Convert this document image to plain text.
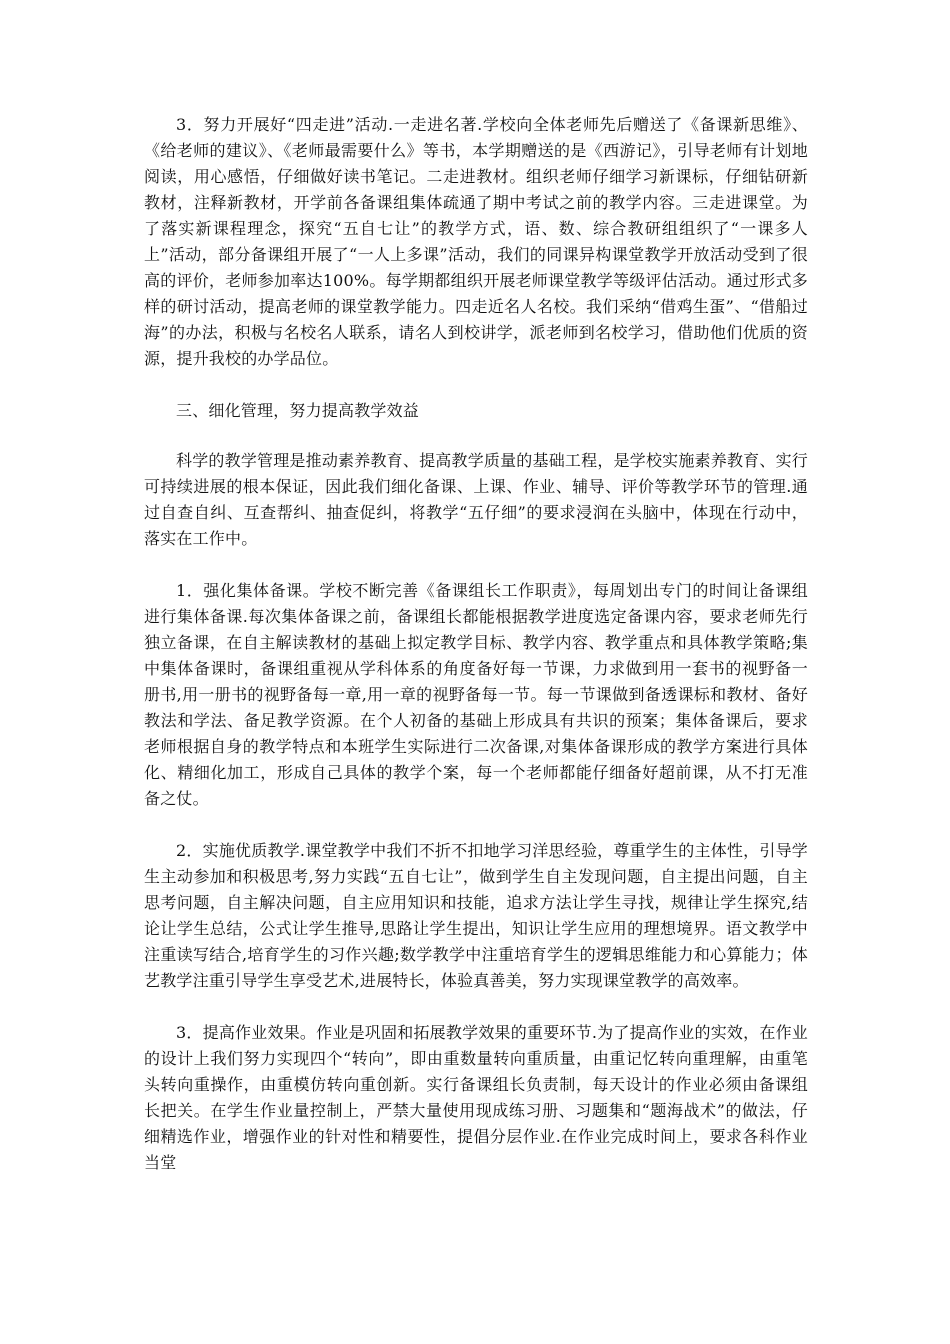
3．努力开展好“四走进”活动.一走进名著.学校向全体老师先后赠送了《备课新思维》、《给老师的建议》、《老师最需要什么》等书，本学期赠送的是《西游记》，引导老师有计划地阅读，用心感悟，仔细做好读书笔记。二走进教材。组织老师仔细学习新课标，仔细钻研新教材，注释新教材，开学前各备课组集体疏通了期中考试之前的教学内容。三走进课堂。为了落实新课程理念，探究“五自七让”的教学方式，语、数、综合教研组组织了“一课多人上”活动，部分备课组开展了“一人上多课”活动，我们的同课异构课堂教学开放活动受到了很高的评价，老师参加率达100%。每学期都组织开展老师课堂教学等级评估活动。通过形式多样的研讨活动，提高老师的课堂教学能力。四走近名人名校。我们采纳“借鸡生蛋”、“借船过海”的办法，积极与名校名人联系，请名人到校讲学，派老师到名校学习，借助他们优质的资源，提升我校的办学品位。

三、细化管理，努力提高教学效益

科学的教学管理是推动素养教育、提高教学质量的基础工程，是学校实施素养教育、实行可持续进展的根本保证，因此我们细化备课、上课、作业、辅导、评价等教学环节的管理.通过自查自纠、互查帮纠、抽查促纠，将教学“五仔细”的要求浸润在头脑中，体现在行动中，落实在工作中。

1．强化集体备课。学校不断完善《备课组长工作职责》，每周划出专门的时间让备课组进行集体备课.每次集体备课之前，备课组长都能根据教学进度选定备课内容，要求老师先行独立备课，在自主解读教材的基础上拟定教学目标、教学内容、教学重点和具体教学策略;集中集体备课时，备课组重视从学科体系的角度备好每一节课，力求做到用一套书的视野备一册书,用一册书的视野备每一章,用一章的视野备每一节。每一节课做到备透课标和教材、备好教法和学法、备足教学资源。在个人初备的基础上形成具有共识的预案；集体备课后，要求老师根据自身的教学特点和本班学生实际进行二次备课,对集体备课形成的教学方案进行具体化、精细化加工，形成自己具体的教学个案，每一个老师都能仔细备好超前课，从不打无准备之仗。

2．实施优质教学.课堂教学中我们不折不扣地学习洋思经验，尊重学生的主体性，引导学生主动参加和积极思考,努力实践“五自七让”，做到学生自主发现问题，自主提出问题，自主思考问题，自主解决问题，自主应用知识和技能，追求方法让学生寻找，规律让学生探究,结论让学生总结，公式让学生推导,思路让学生提出，知识让学生应用的理想境界。语文教学中注重读写结合,培育学生的习作兴趣;数学教学中注重培育学生的逻辑思维能力和心算能力；体艺教学注重引导学生享受艺术,进展特长，体验真善美，努力实现课堂教学的高效率。

3．提高作业效果。作业是巩固和拓展教学效果的重要环节.为了提高作业的实效，在作业的设计上我们努力实现四个“转向”，即由重数量转向重质量，由重记忆转向重理解，由重笔头转向重操作，由重模仿转向重创新。实行备课组长负责制，每天设计的作业必须由备课组长把关。在学生作业量控制上，严禁大量使用现成练习册、习题集和“题海战术”的做法，仔细精选作业，增强作业的针对性和精要性，提倡分层作业.在作业完成时间上，要求各科作业当堂
